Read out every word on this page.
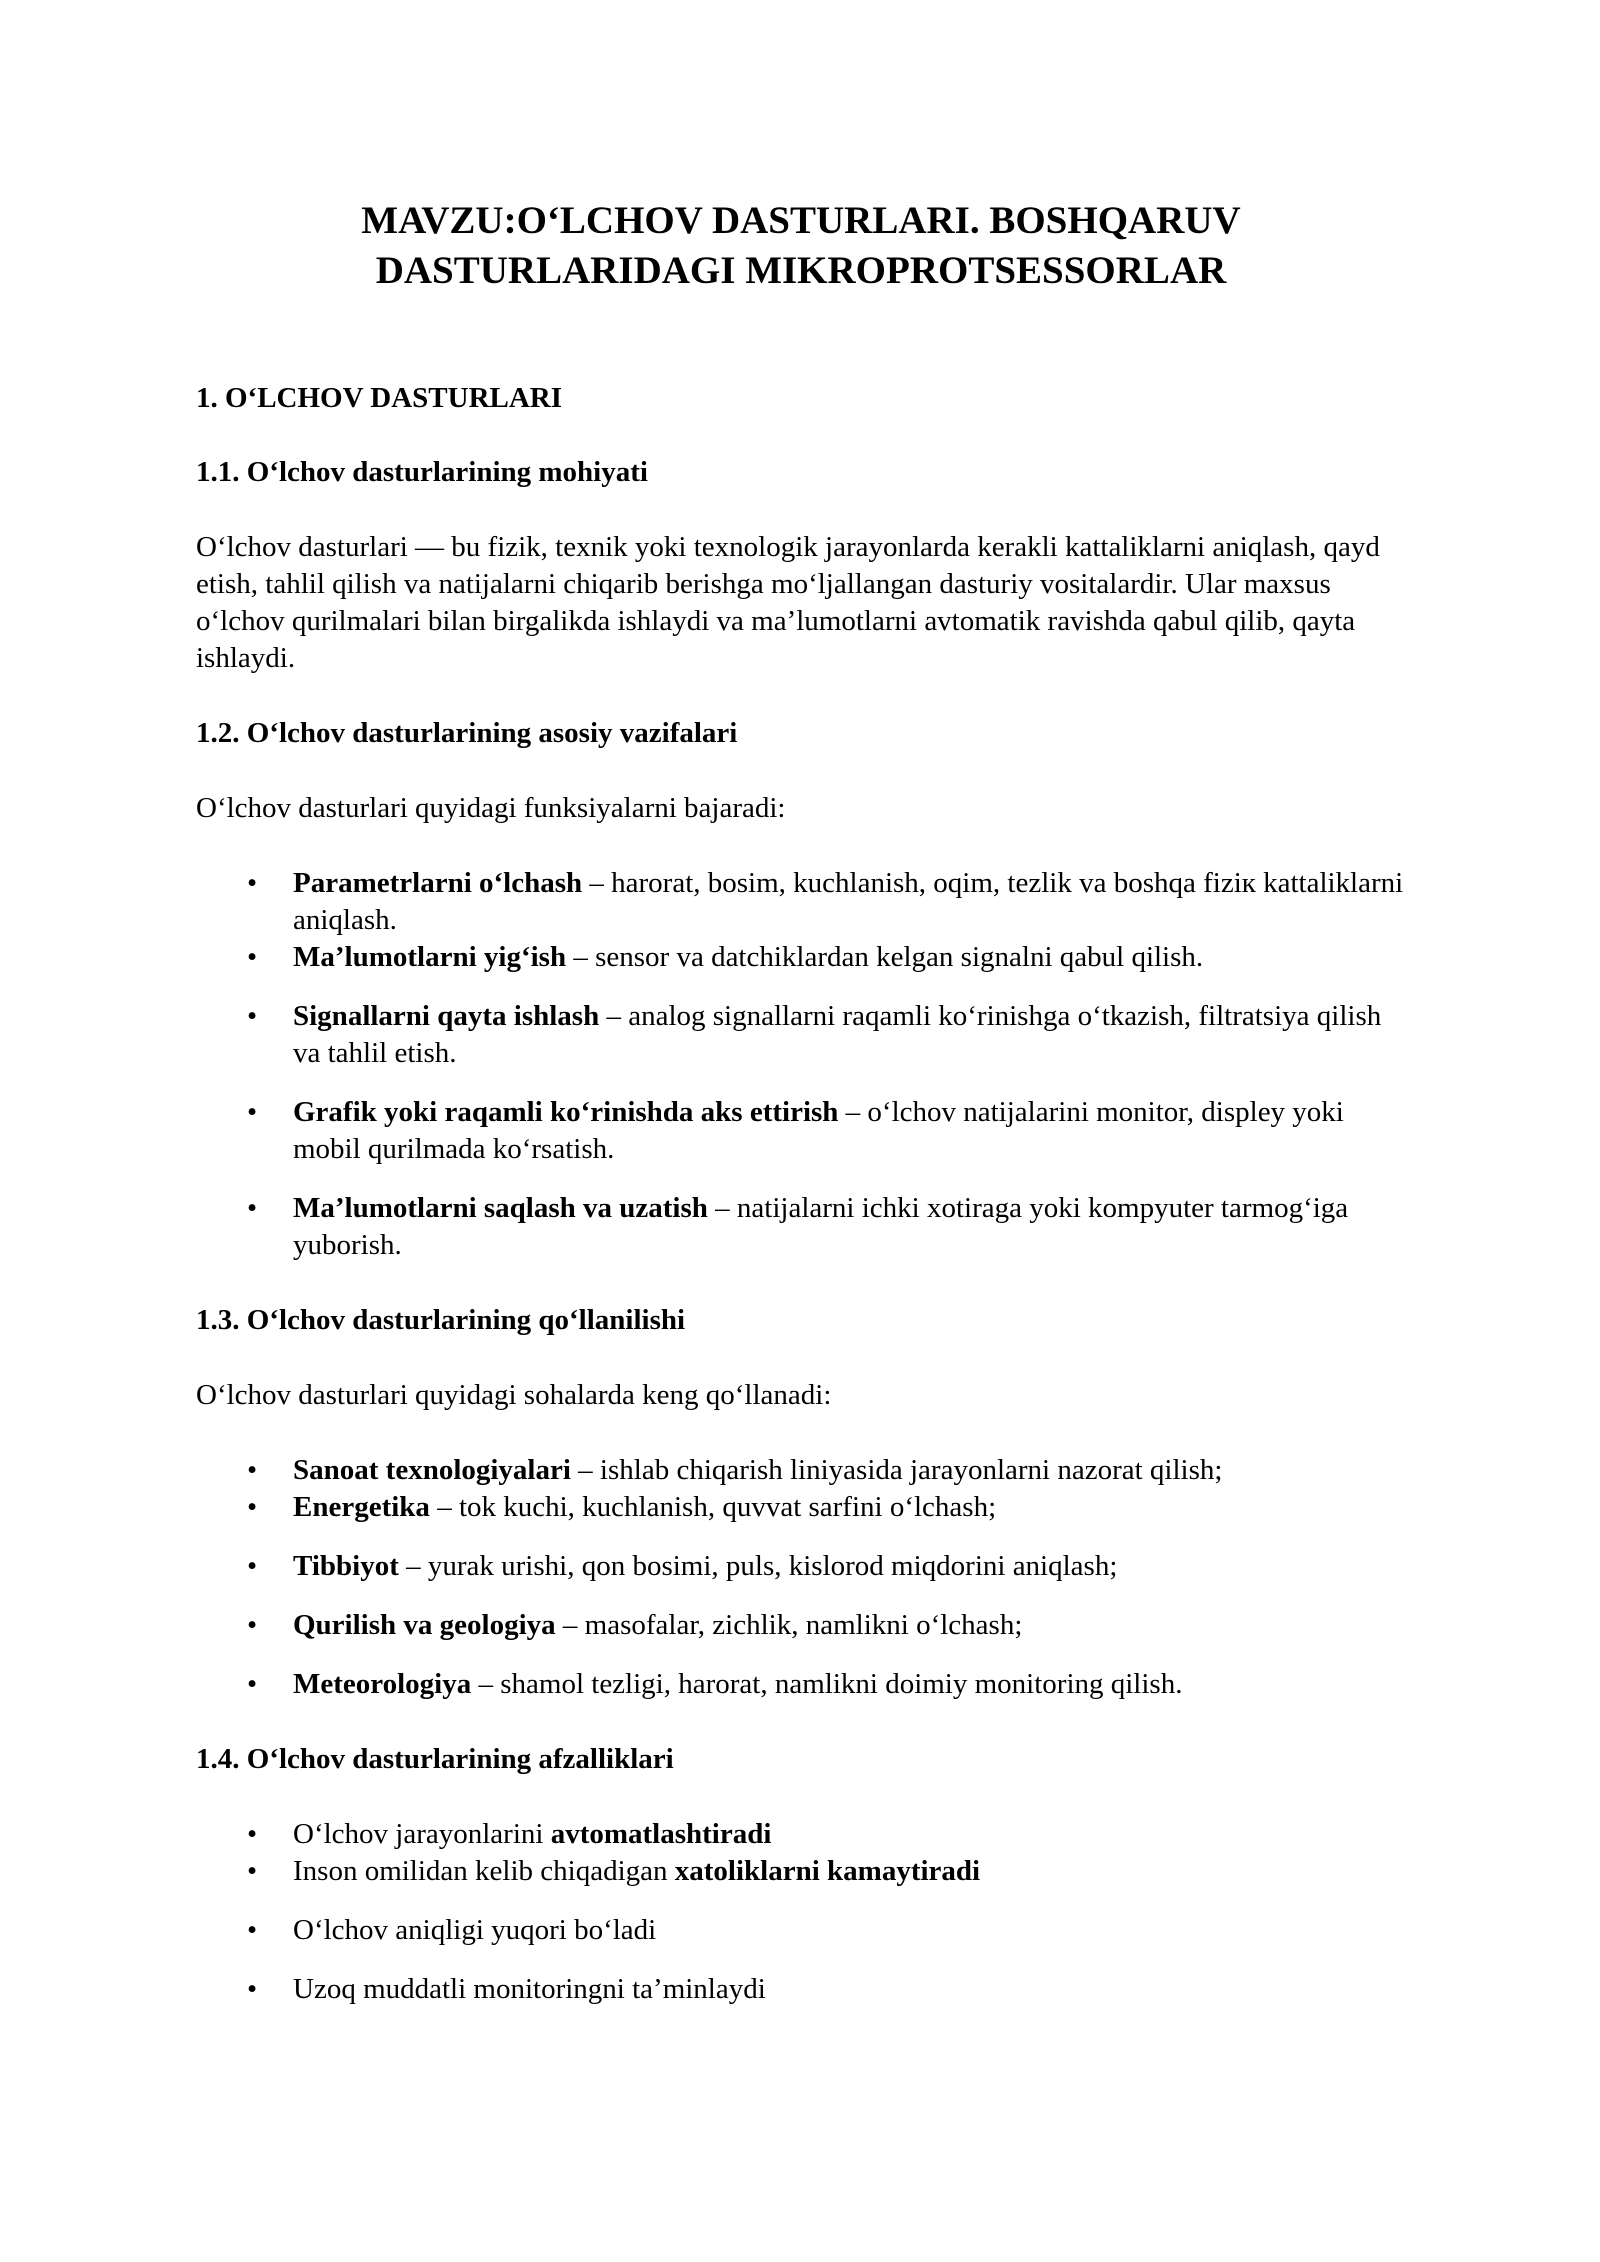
MAVZU:O‘LCHOV DASTURLARI. BOSHQARUV
DASTURLARIDAGI MIKROPROTSESSORLAR
1. O‘LCHOV DASTURLARI
1.1. O‘lchov dasturlarining mohiyati

O‘lchov dasturlari — bu fizik, texnik yoki texnologik jarayonlarda kerakli kattaliklarni aniqlash, qayd etish, tahlil qilish va natijalarni chiqarib berishga mo‘ljallangan dasturiy vositalardir. Ular maxsus o‘lchov qurilmalari bilan birgalikda ishlaydi va ma’lumotlarni avtomatik ravishda qabul qilib, qayta ishlaydi.

1.2. O‘lchov dasturlarining asosiy vazifalari

O‘lchov dasturlari quyidagi funksiyalarni bajaradi:

• Parametrlarni o‘lchash – harorat, bosim, kuchlanish, oqim, tezlik va boshqa fiziк kattaliklarni aniqlash.
• Ma’lumotlarni yig‘ish – sensor va datchiklardan kelgan signalni qabul qilish.
• Signallarni qayta ishlash – analog signallarni raqamli ko‘rinishga o‘tkazish, filtratsiya qilish va tahlil etish.
• Grafik yoki raqamli ko‘rinishda aks ettirish – o‘lchov natijalarini monitor, displey yoki mobil qurilmada ko‘rsatish.
• Ma’lumotlarni saqlash va uzatish – natijalarni ichki xotiraga yoki kompyuter tarmog‘iga yuborish.
1.3. O‘lchov dasturlarining qo‘llanilishi

O‘lchov dasturlari quyidagi sohalarda keng qo‘llanadi:

• Sanoat texnologiyalari – ishlab chiqarish liniyasida jarayonlarni nazorat qilish;
• Energetika – tok kuchi, kuchlanish, quvvat sarfini o‘lchash;
• Tibbiyot – yurak urishi, qon bosimi, puls, kislorod miqdorini aniqlash;
• Qurilish va geologiya – masofalar, zichlik, namlikni o‘lchash;
• Meteorologiya – shamol tezligi, harorat, namlikni doimiy monitoring qilish.
1.4. O‘lchov dasturlarining afzalliklari
• O‘lchov jarayonlarini avtomatlashtiradi
• Inson omilidan kelib chiqadigan xatoliklarni kamaytiradi
• O‘lchov aniqligi yuqori bo‘ladi
• Uzoq muddatli monitoringni ta’minlaydi
